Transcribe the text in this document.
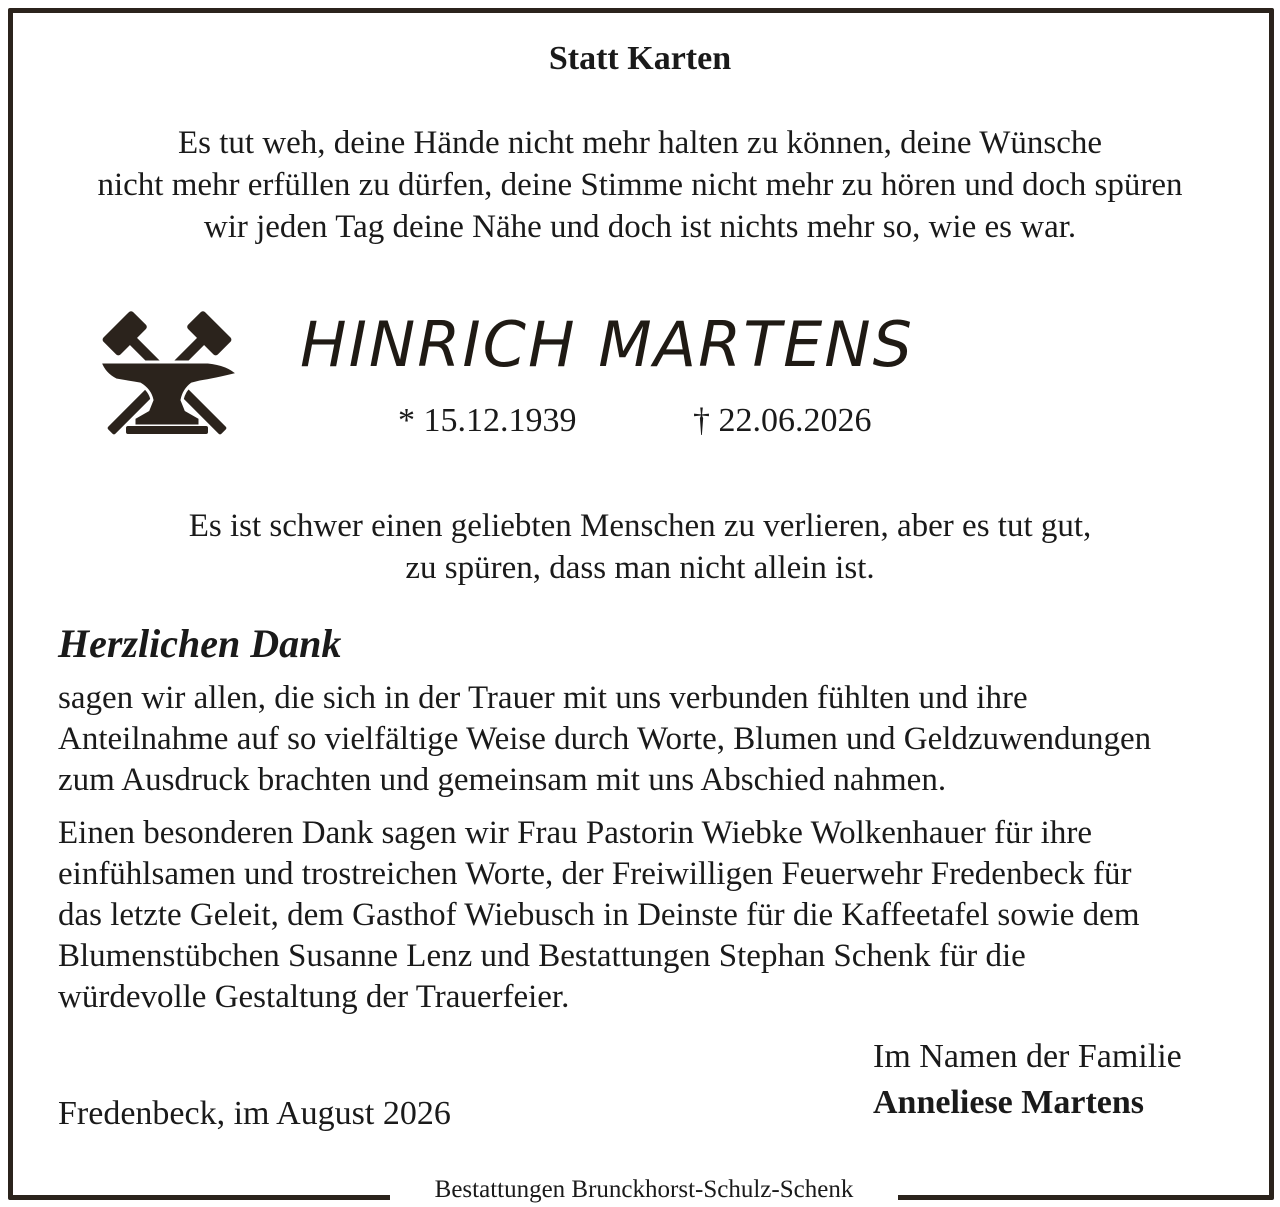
Statt Karten
Es tut weh, deine Hände nicht mehr halten zu können, deine Wünsche
nicht mehr erfüllen zu dürfen, deine Stimme nicht mehr zu hören und doch spüren
wir jeden Tag deine Nähe und doch ist nichts mehr so, wie es war.
HINRICH MARTENS
* 15.12.1939	† 22.06.2026
Es ist schwer einen geliebten Menschen zu verlieren, aber es tut gut,
zu spüren, dass man nicht allein ist.
Herzlichen Dank
sagen wir allen, die sich in der Trauer mit uns verbunden fühlten und ihre
Anteilnahme auf so vielfältige Weise durch Worte, Blumen und Geldzuwendungen
zum Ausdruck brachten und gemeinsam mit uns Abschied nahmen.
Einen besonderen Dank sagen wir Frau Pastorin Wiebke Wolkenhauer für ihre
einfühlsamen und trostreichen Worte, der Freiwilligen Feuerwehr Fredenbeck für
das letzte Geleit, dem Gasthof Wiebusch in Deinste für die Kaffeetafel sowie dem
Blumenstübchen Susanne Lenz und Bestattungen Stephan Schenk für die
würdevolle Gestaltung der Trauerfeier.
Im Namen der Familie
Anneliese Martens
Fredenbeck, im August 2026
Bestattungen Brunckhorst-Schulz-Schenk
